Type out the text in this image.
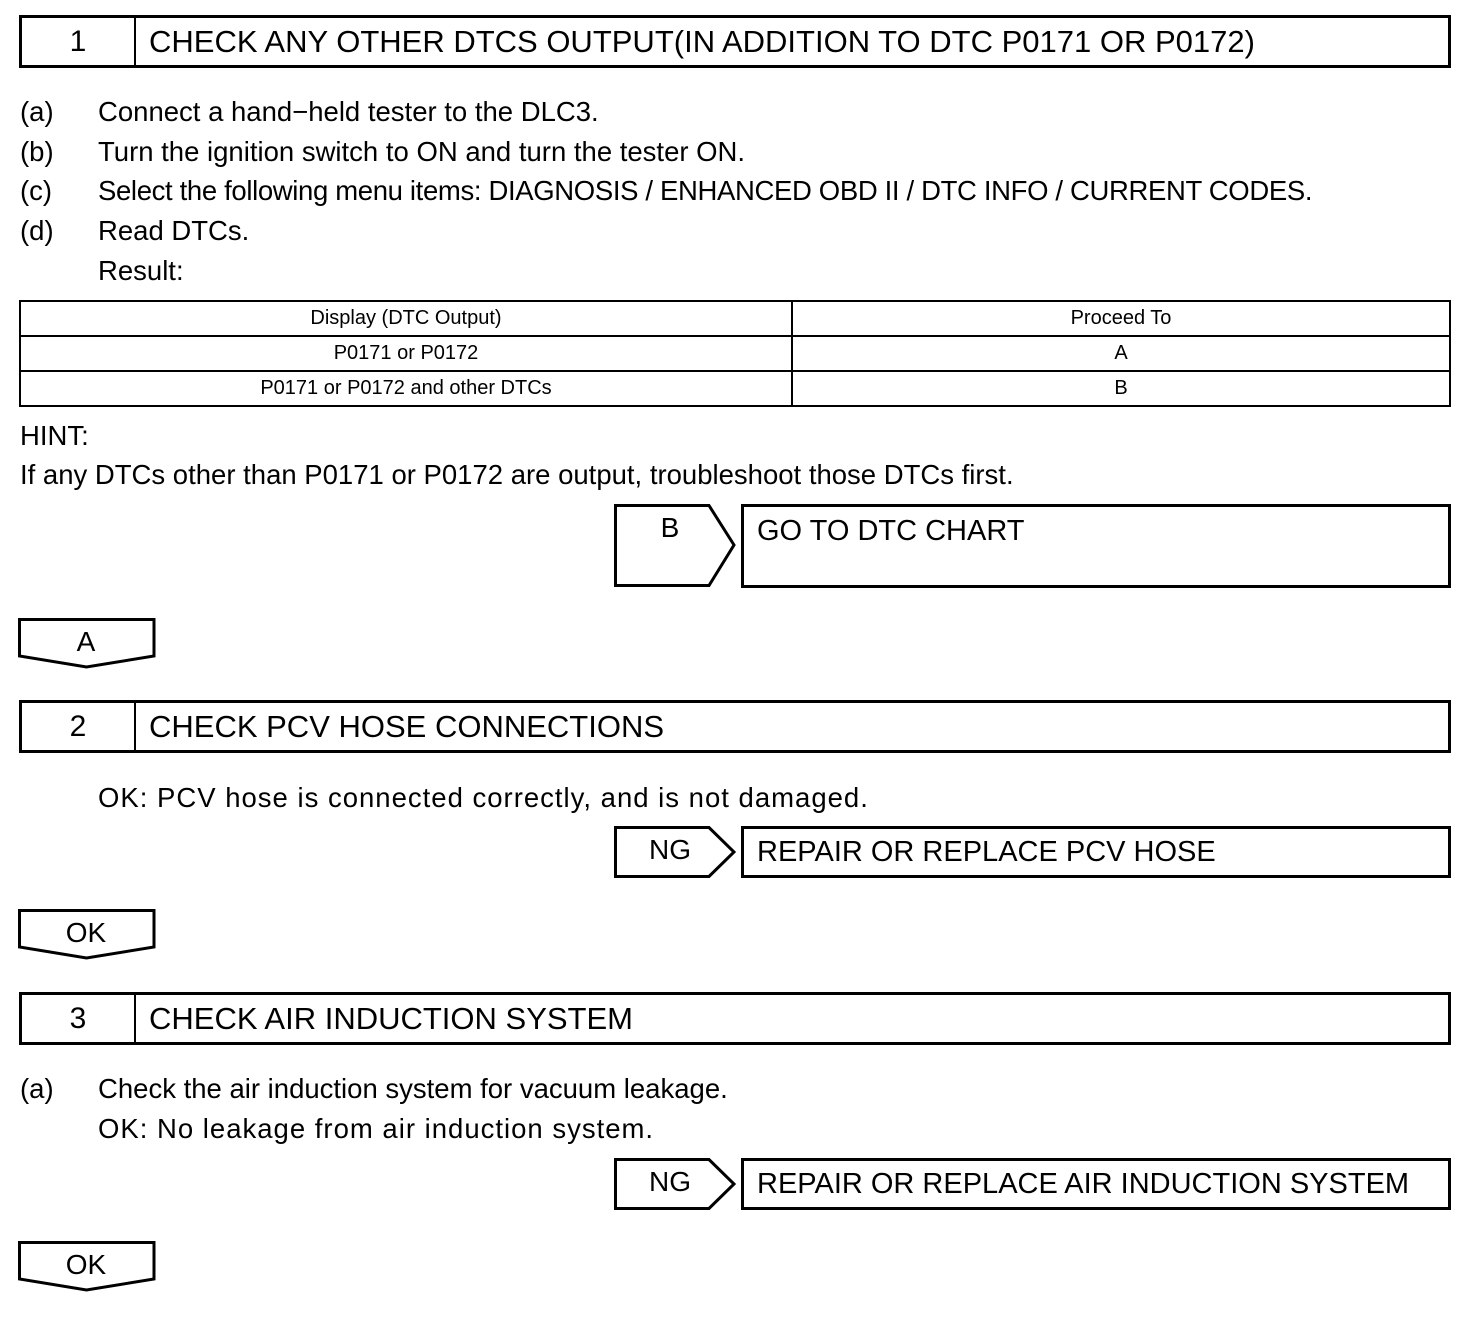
1	CHECK ANY OTHER DTCS OUTPUT(IN ADDITION TO DTC P0171 OR P0172)
(a) Connect a hand−held tester to the DLC3.
(b) Turn the ignition switch to ON and turn the tester ON.
(c) Select the following menu items: DIAGNOSIS / ENHANCED OBD II / DTC INFO / CURRENT CODES.
(d) Read DTCs.
Result:
Display (DTC Output)	Proceed To
P0171 or P0172	A
P0171 or P0172 and other DTCs	B
HINT:
If any DTCs other than P0171 or P0172 are output, troubleshoot those DTCs first.
B	GO TO DTC CHART
A
2	CHECK PCV HOSE CONNECTIONS
OK: PCV hose is connected correctly, and is not damaged.
NG	REPAIR OR REPLACE PCV HOSE
OK
3	CHECK AIR INDUCTION SYSTEM
(a) Check the air induction system for vacuum leakage.
OK: No leakage from air induction system.
NG	REPAIR OR REPLACE AIR INDUCTION SYSTEM
OK
